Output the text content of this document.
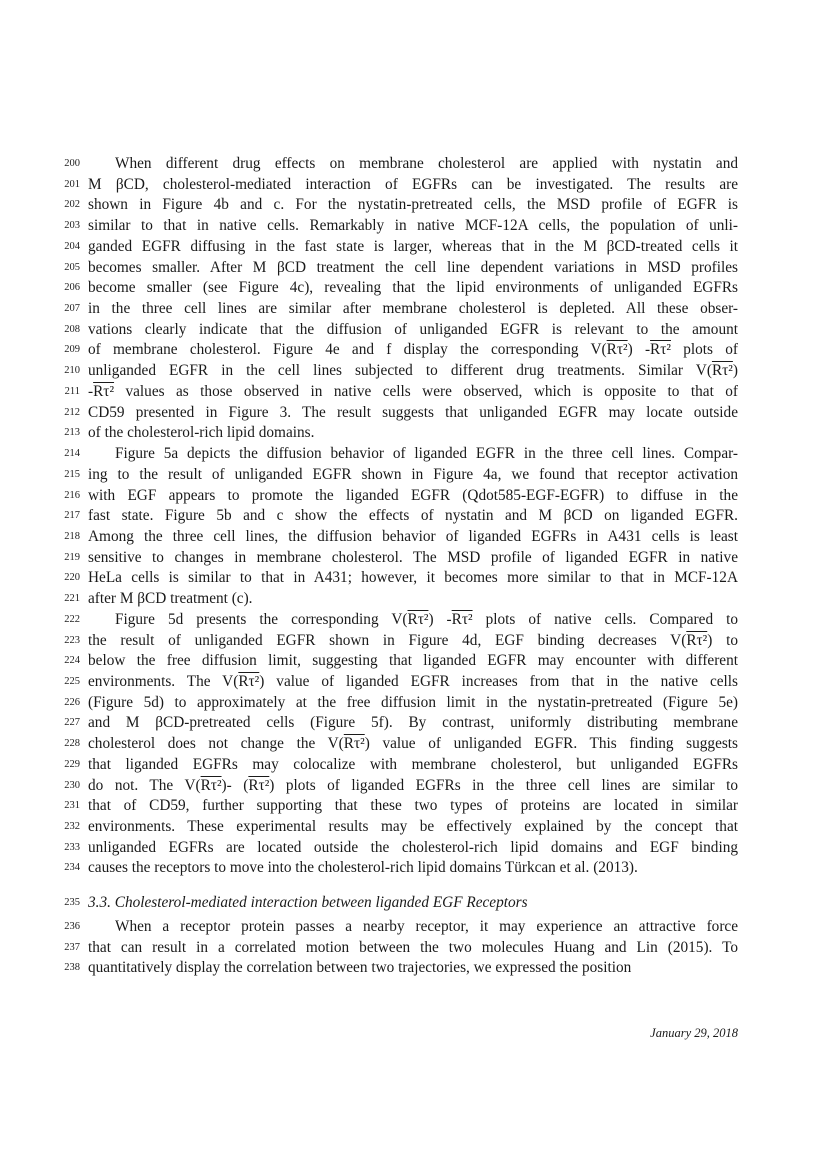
200 When different drug effects on membrane cholesterol are applied with nystatin and
201 M βCD, cholesterol-mediated interaction of EGFRs can be investigated. The results are
202 shown in Figure 4b and c. For the nystatin-pretreated cells, the MSD profile of EGFR is
203 similar to that in native cells. Remarkably in native MCF-12A cells, the population of unli-
204 ganded EGFR diffusing in the fast state is larger, whereas that in the M βCD-treated cells it
205 becomes smaller. After M βCD treatment the cell line dependent variations in MSD profiles
206 become smaller (see Figure 4c), revealing that the lipid environments of unliganded EGFRs
207 in the three cell lines are similar after membrane cholesterol is depleted. All these obser-
208 vations clearly indicate that the diffusion of unliganded EGFR is relevant to the amount
209 of membrane cholesterol. Figure 4e and f display the corresponding V(Rτ²) -Rτ² plots of
210 unliganded EGFR in the cell lines subjected to different drug treatments. Similar V(Rτ²)
211 -Rτ² values as those observed in native cells were observed, which is opposite to that of
212 CD59 presented in Figure 3. The result suggests that unliganded EGFR may locate outside
213 of the cholesterol-rich lipid domains.
214 Figure 5a depicts the diffusion behavior of liganded EGFR in the three cell lines. Compar-
215 ing to the result of unliganded EGFR shown in Figure 4a, we found that receptor activation
216 with EGF appears to promote the liganded EGFR (Qdot585-EGF-EGFR) to diffuse in the
217 fast state. Figure 5b and c show the effects of nystatin and M βCD on liganded EGFR.
218 Among the three cell lines, the diffusion behavior of liganded EGFRs in A431 cells is least
219 sensitive to changes in membrane cholesterol. The MSD profile of liganded EGFR in native
220 HeLa cells is similar to that in A431; however, it becomes more similar to that in MCF-12A
221 after M βCD treatment (c).
222 Figure 5d presents the corresponding V(Rτ²) -Rτ² plots of native cells. Compared to
223 the result of unliganded EGFR shown in Figure 4d, EGF binding decreases V(Rτ²) to
224 below the free diffusion limit, suggesting that liganded EGFR may encounter with different
225 environments. The V(Rτ²) value of liganded EGFR increases from that in the native cells
226 (Figure 5d) to approximately at the free diffusion limit in the nystatin-pretreated (Figure 5e)
227 and M βCD-pretreated cells (Figure 5f). By contrast, uniformly distributing membrane
228 cholesterol does not change the V(Rτ²) value of unliganded EGFR. This finding suggests
229 that liganded EGFRs may colocalize with membrane cholesterol, but unliganded EGFRs
230 do not. The V(Rτ²)- (Rτ²) plots of liganded EGFRs in the three cell lines are similar to
231 that of CD59, further supporting that these two types of proteins are located in similar
232 environments. These experimental results may be effectively explained by the concept that
233 unliganded EGFRs are located outside the cholesterol-rich lipid domains and EGF binding
234 causes the receptors to move into the cholesterol-rich lipid domains Türkcan et al. (2013).
235 3.3. Cholesterol-mediated interaction between liganded EGF Receptors
236 When a receptor protein passes a nearby receptor, it may experience an attractive force
237 that can result in a correlated motion between the two molecules Huang and Lin (2015). To
238 quantitatively display the correlation between two trajectories, we expressed the position
January 29, 2018
